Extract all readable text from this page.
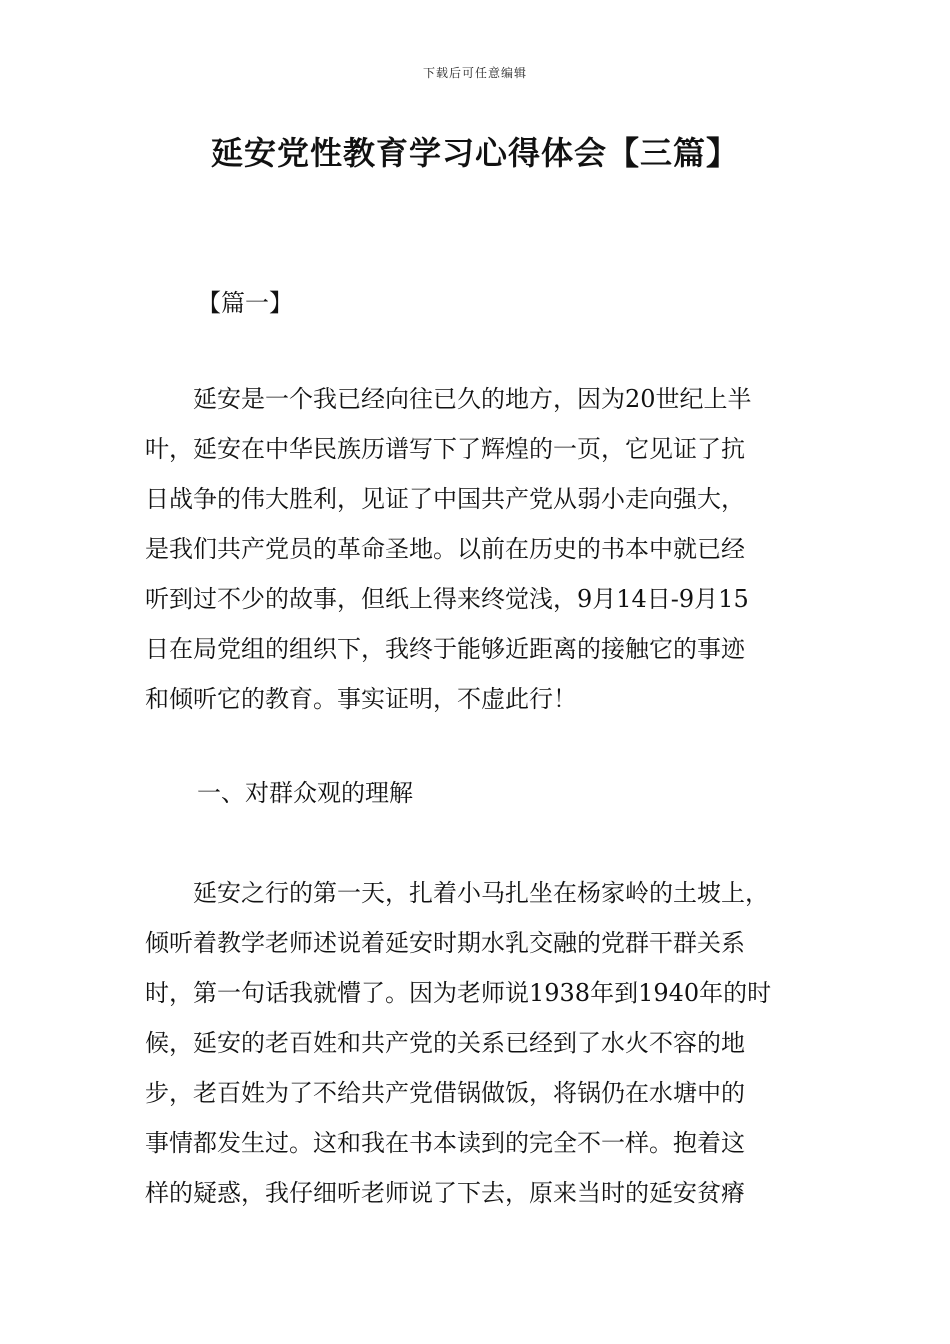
下载后可任意编辑
延安党性教育学习心得体会【三篇】
【篇一】
　　延安是一个我已经向往已久的地方，因为20世纪上半
叶，延安在中华民族历谱写下了辉煌的一页，它见证了抗
日战争的伟大胜利，见证了中国共产党从弱小走向强大，
是我们共产党员的革命圣地。以前在历史的书本中就已经
听到过不少的故事，但纸上得来终觉浅，9月14日-9月15
日在局党组的组织下，我终于能够近距离的接触它的事迹
和倾听它的教育。事实证明，不虚此行！
一、对群众观的理解
　　延安之行的第一天，扎着小马扎坐在杨家岭的土坡上，
倾听着教学老师述说着延安时期水乳交融的党群干群关系
时，第一句话我就懵了。因为老师说1938年到1940年的时
候，延安的老百姓和共产党的关系已经到了水火不容的地
步，老百姓为了不给共产党借锅做饭，将锅仍在水塘中的
事情都发生过。这和我在书本读到的完全不一样。抱着这
样的疑惑，我仔细听老师说了下去，原来当时的延安贫瘠
